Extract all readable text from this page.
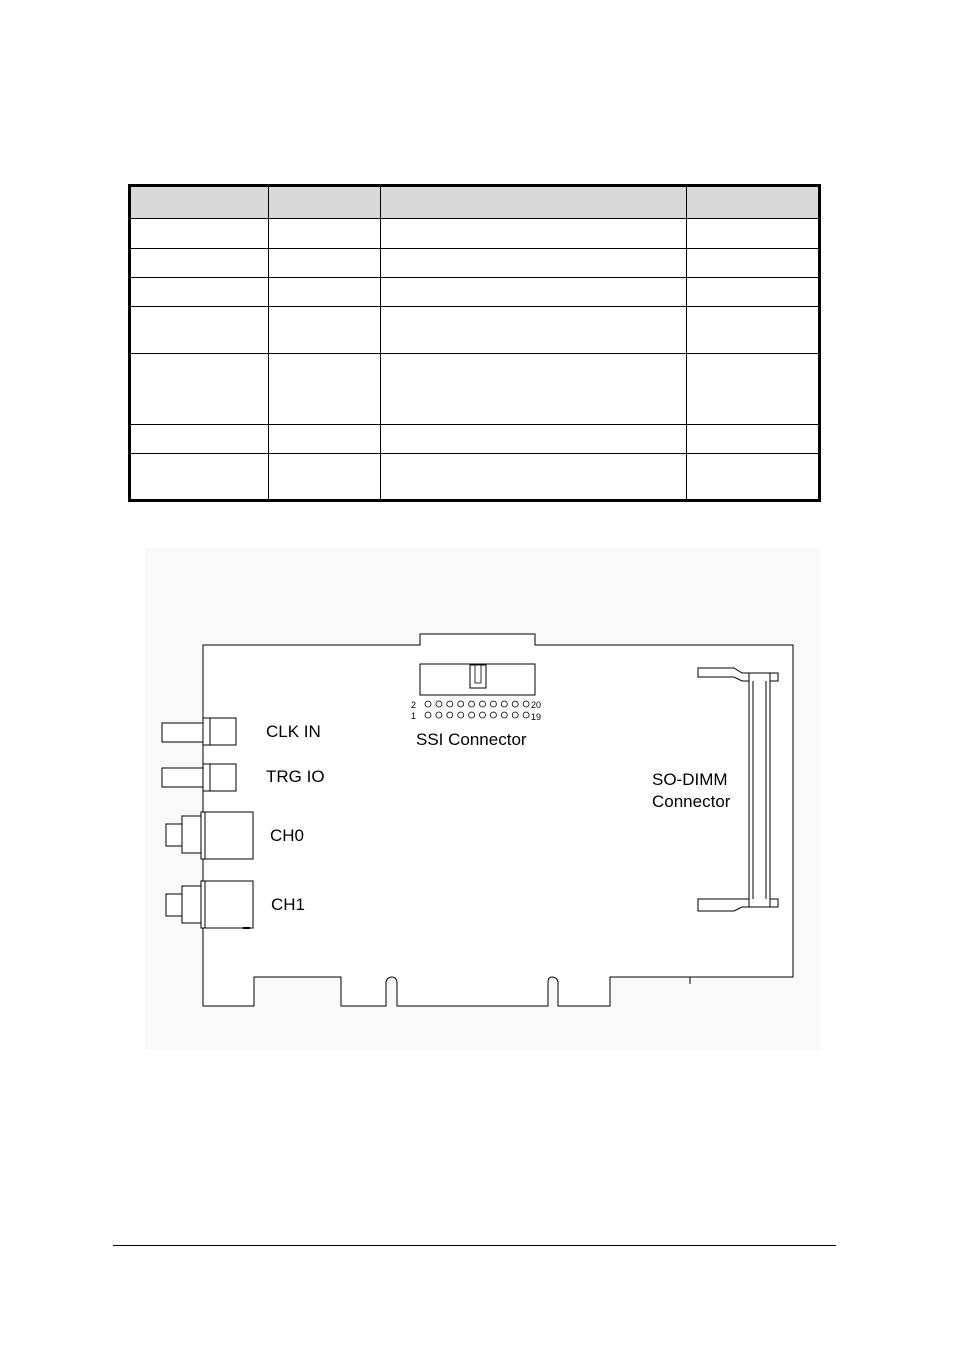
2	20
1	19
SSI Connector
CLK IN
TRG IO
CH0
CH1
SO-DIMM
Connector
